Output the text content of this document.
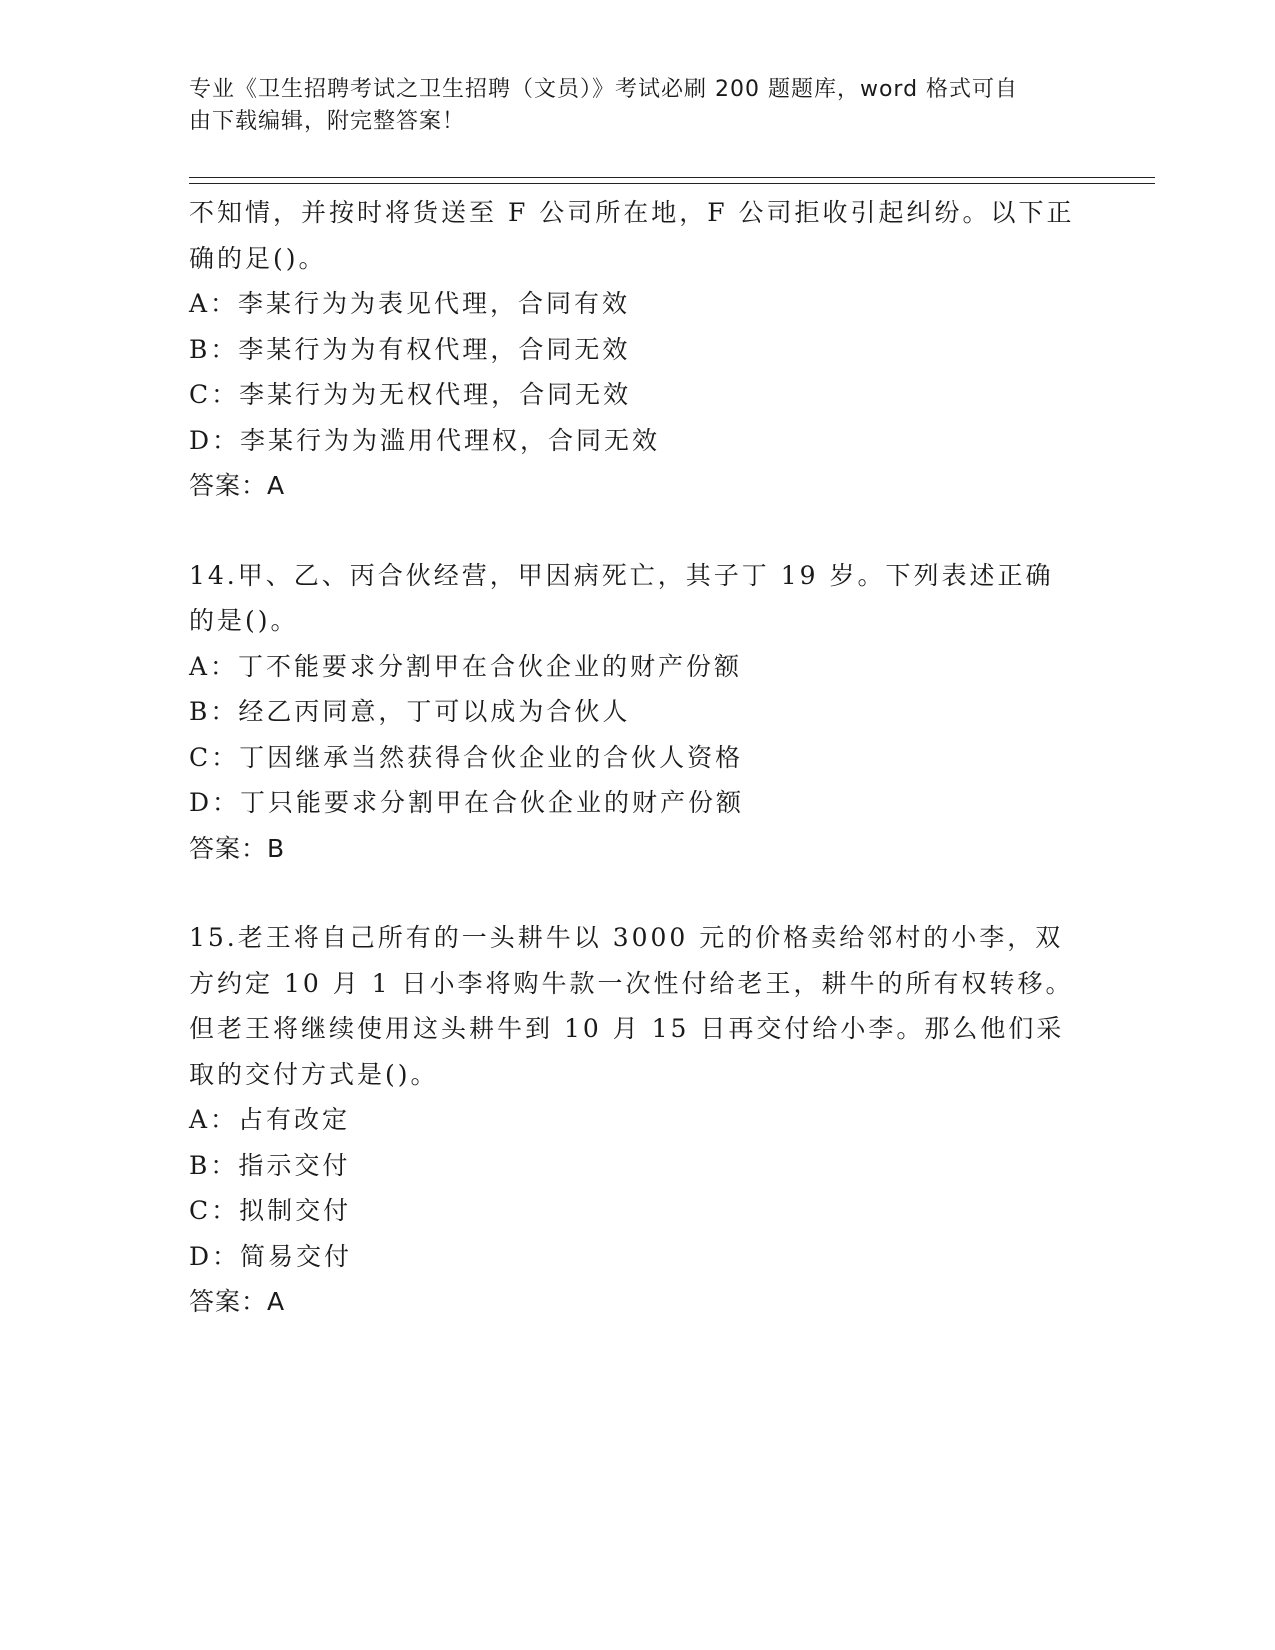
专业《卫生招聘考试之卫生招聘（文员）》考试必刷 200 题题库，word 格式可自
由下载编辑，附完整答案！
不知情，并按时将货送至 F 公司所在地，F 公司拒收引起纠纷。以下正
确的足()。
A：李某行为为表见代理，合同有效
B：李某行为为有权代理，合同无效
C：李某行为为无权代理，合同无效
D：李某行为为滥用代理权，合同无效
答案：A
14.甲、乙、丙合伙经营，甲因病死亡，其子丁 19 岁。下列表述正确
的是()。
A：丁不能要求分割甲在合伙企业的财产份额
B：经乙丙同意，丁可以成为合伙人
C：丁因继承当然获得合伙企业的合伙人资格
D：丁只能要求分割甲在合伙企业的财产份额
答案：B
15.老王将自己所有的一头耕牛以 3000 元的价格卖给邻村的小李，双
方约定 10 月 1 日小李将购牛款一次性付给老王，耕牛的所有权转移。
但老王将继续使用这头耕牛到 10 月 15 日再交付给小李。那么他们采
取的交付方式是()。
A：占有改定
B：指示交付
C：拟制交付
D：简易交付
答案：A
